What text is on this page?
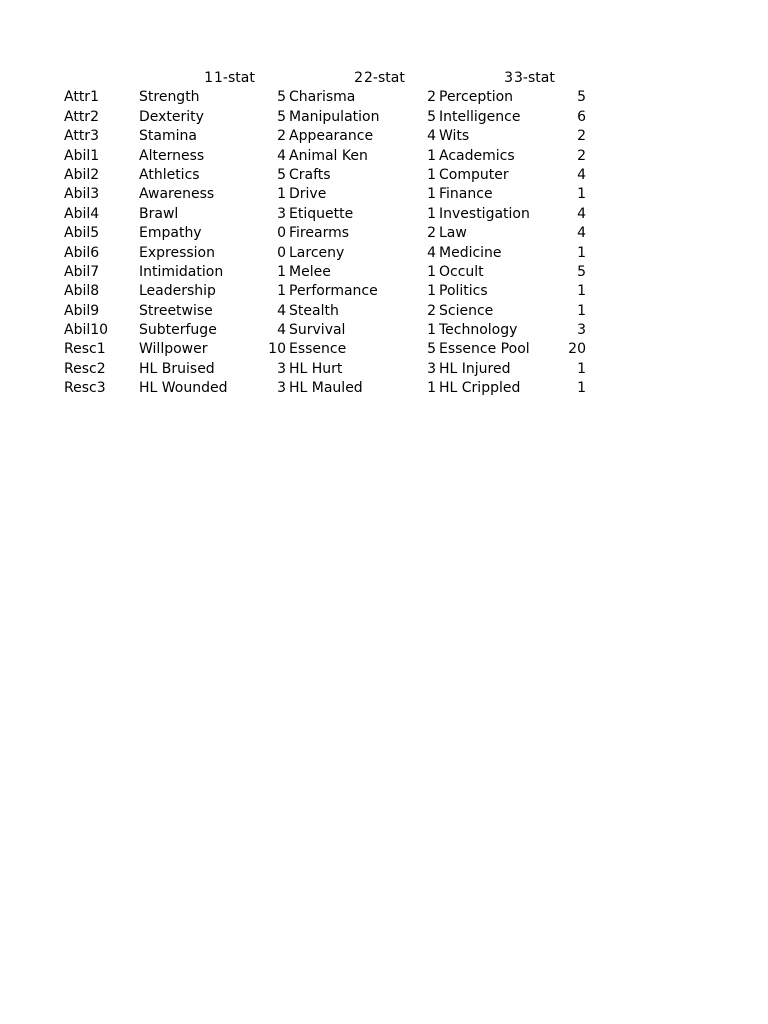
1 1-stat	2 2-stat	3 3-stat
Attr1	Strength	5 Charisma	2 Perception	5
Attr2	Dexterity	5 Manipulation	5 Intelligence	6
Attr3	Stamina	2 Appearance	4 Wits	2
Abil1	Alterness	4 Animal Ken	1 Academics	2
Abil2	Athletics	5 Crafts	1 Computer	4
Abil3	Awareness	1 Drive	1 Finance	1
Abil4	Brawl	3 Etiquette	1 Investigation	4
Abil5	Empathy	0 Firearms	2 Law	4
Abil6	Expression	0 Larceny	4 Medicine	1
Abil7	Intimidation	1 Melee	1 Occult	5
Abil8	Leadership	1 Performance	1 Politics	1
Abil9	Streetwise	4 Stealth	2 Science	1
Abil10	Subterfuge	4 Survival	1 Technology	3
Resc1	Willpower	10 Essence	5 Essence Pool	20
Resc2	HL Bruised	3 HL Hurt	3 HL Injured	1
Resc3	HL Wounded	3 HL Mauled	1 HL Crippled	1
